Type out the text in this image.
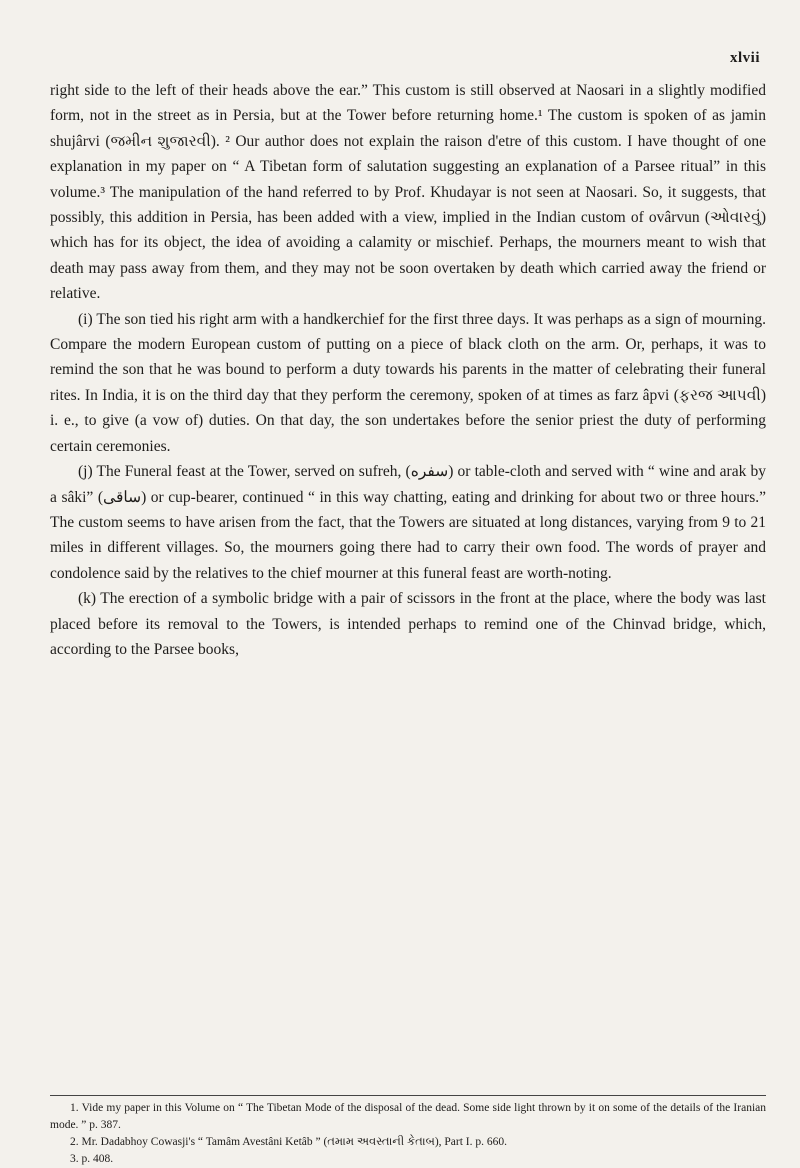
xlvii

right side to the left of their heads above the ear.” This custom is still observed at Naosari in a slightly modified form, not in the street as in Persia, but at the Tower before returning home.¹ The custom is spoken of as jamin shujârvi (જમીન શુજારવી). ² Our author does not explain the raison d'etre of this custom. I have thought of one explanation in my paper on “ A Tibetan form of salutation suggesting an explanation of a Parsee ritual” in this volume.³ The manipulation of the hand referred to by Prof. Khudayar is not seen at Naosari. So, it suggests, that possibly, this addition in Persia, has been added with a view, implied in the Indian custom of ovârvun (ઓવારવું) which has for its object, the idea of avoiding a calamity or mischief. Perhaps, the mourners meant to wish that death may pass away from them, and they may not be soon overtaken by death which carried away the friend or relative.

(i) The son tied his right arm with a handkerchief for the first three days. It was perhaps as a sign of mourning. Compare the modern European custom of putting on a piece of black cloth on the arm. Or, perhaps, it was to remind the son that he was bound to perform a duty towards his parents in the matter of celebrating their funeral rites. In India, it is on the third day that they perform the ceremony, spoken of at times as farz âpvi (ફરજ આપવી) i. e., to give (a vow of) duties. On that day, the son undertakes before the senior priest the duty of performing certain ceremonies.

(j) The Funeral feast at the Tower, served on sufreh, (سفره) or table-cloth and served with “ wine and arak by a sâki” (ساقی) or cup-bearer, continued “ in this way chatting, eating and drinking for about two or three hours.” The custom seems to have arisen from the fact, that the Towers are situated at long distances, varying from 9 to 21 miles in different villages. So, the mourners going there had to carry their own food. The words of prayer and condolence said by the relatives to the chief mourner at this funeral feast are worth-noting.

(k) The erection of a symbolic bridge with a pair of scissors in the front at the place, where the body was last placed before its removal to the Towers, is intended perhaps to remind one of the Chinvad bridge, which, according to the Parsee books,

1. Vide my paper in this Volume on “ The Tibetan Mode of the disposal of the dead. Some side light thrown by it on some of the details of the Iranian mode. ” p. 387.

2. Mr. Dadabhoy Cowasji's “ Tamâm Avestâni Ketâb ” (તમામ અવસ્તાની કેતાબ), Part I. p. 660.

3. p. 408.
